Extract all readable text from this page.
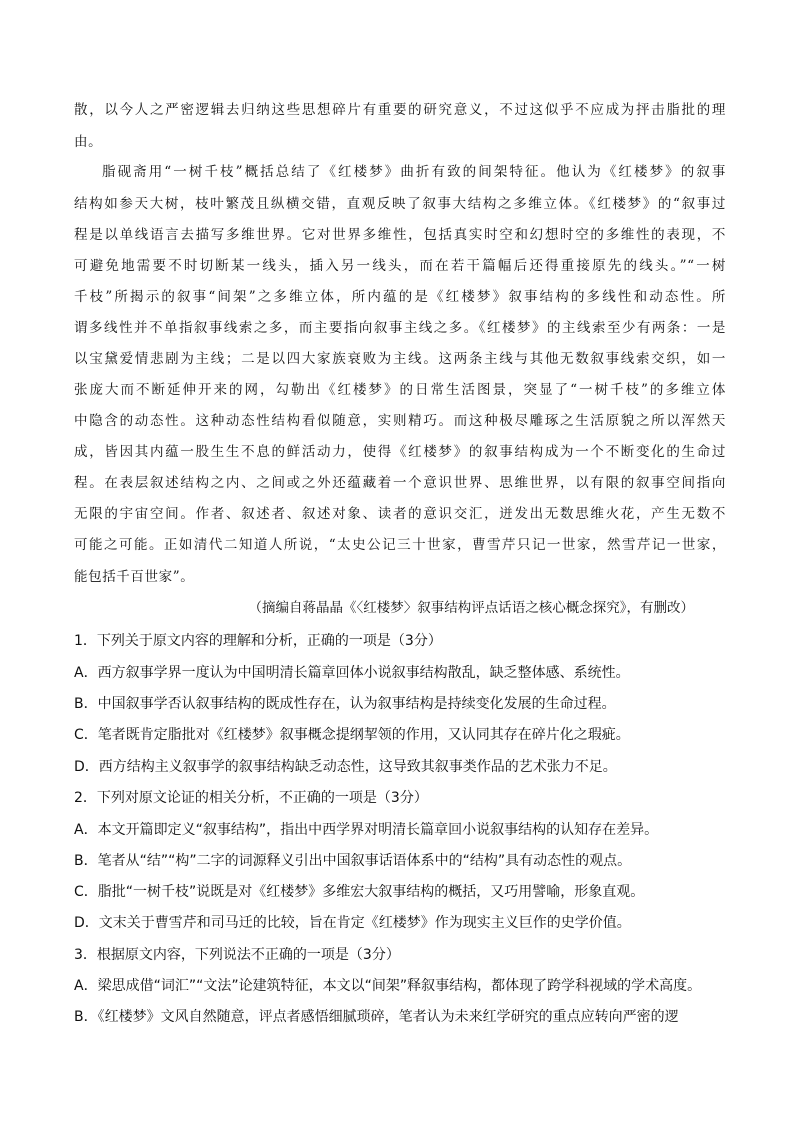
散，以今人之严密逻辑去归纳这些思想碎片有重要的研究意义，不过这似乎不应成为抨击脂批的理
由。
脂砚斋用“一树千枝”概括总结了《红楼梦》曲折有致的间架特征。他认为《红楼梦》的叙事
结构如参天大树，枝叶繁茂且纵横交错，直观反映了叙事大结构之多维立体。《红楼梦》的“叙事过
程是以单线语言去描写多维世界。它对世界多维性，包括真实时空和幻想时空的多维性的表现，不
可避免地需要不时切断某一线头，插入另一线头，而在若干篇幅后还得重接原先的线头。”“一树
千枝”所揭示的叙事“间架”之多维立体，所内蕴的是《红楼梦》叙事结构的多线性和动态性。所
谓多线性并不单指叙事线索之多，而主要指向叙事主线之多。《红楼梦》的主线索至少有两条：一是
以宝黛爱情悲剧为主线；二是以四大家族衰败为主线。这两条主线与其他无数叙事线索交织，如一
张庞大而不断延伸开来的网，勾勒出《红楼梦》的日常生活图景，突显了“一树千枝”的多维立体
中隐含的动态性。这种动态性结构看似随意，实则精巧。而这种极尽雕琢之生活原貌之所以浑然天
成，皆因其内蕴一股生生不息的鲜活动力，使得《红楼梦》的叙事结构成为一个不断变化的生命过
程。在表层叙述结构之内、之间或之外还蕴藏着一个意识世界、思维世界，以有限的叙事空间指向
无限的宇宙空间。作者、叙述者、叙述对象、读者的意识交汇，迸发出无数思维火花，产生无数不
可能之可能。正如清代二知道人所说，“太史公记三十世家，曹雪芹只记一世家，然雪芹记一世家，
能包括千百世家”。
（摘编自蒋晶晶《〈红楼梦〉叙事结构评点话语之核心概念探究》，有删改）
1．下列关于原文内容的理解和分析，正确的一项是（3分）
A．西方叙事学界一度认为中国明清长篇章回体小说叙事结构散乱，缺乏整体感、系统性。
B．中国叙事学否认叙事结构的既成性存在，认为叙事结构是持续变化发展的生命过程。
C．笔者既肯定脂批对《红楼梦》叙事概念提纲挈领的作用，又认同其存在碎片化之瑕疵。
D．西方结构主义叙事学的叙事结构缺乏动态性，这导致其叙事类作品的艺术张力不足。
2．下列对原文论证的相关分析，不正确的一项是（3分）
A．本文开篇即定义“叙事结构”，指出中西学界对明清长篇章回小说叙事结构的认知存在差异。
B．笔者从“结”“构”二字的词源释义引出中国叙事话语体系中的“结构”具有动态性的观点。
C．脂批“一树千枝”说既是对《红楼梦》多维宏大叙事结构的概括，又巧用譬喻，形象直观。
D．文末关于曹雪芹和司马迁的比较，旨在肯定《红楼梦》作为现实主义巨作的史学价值。
3．根据原文内容，下列说法不正确的一项是（3分）
A．梁思成借“词汇”“文法”论建筑特征，本文以“间架”释叙事结构，都体现了跨学科视域的学术高度。
B．《红楼梦》文风自然随意，评点者感悟细腻琐碎，笔者认为未来红学研究的重点应转向严密的逻
